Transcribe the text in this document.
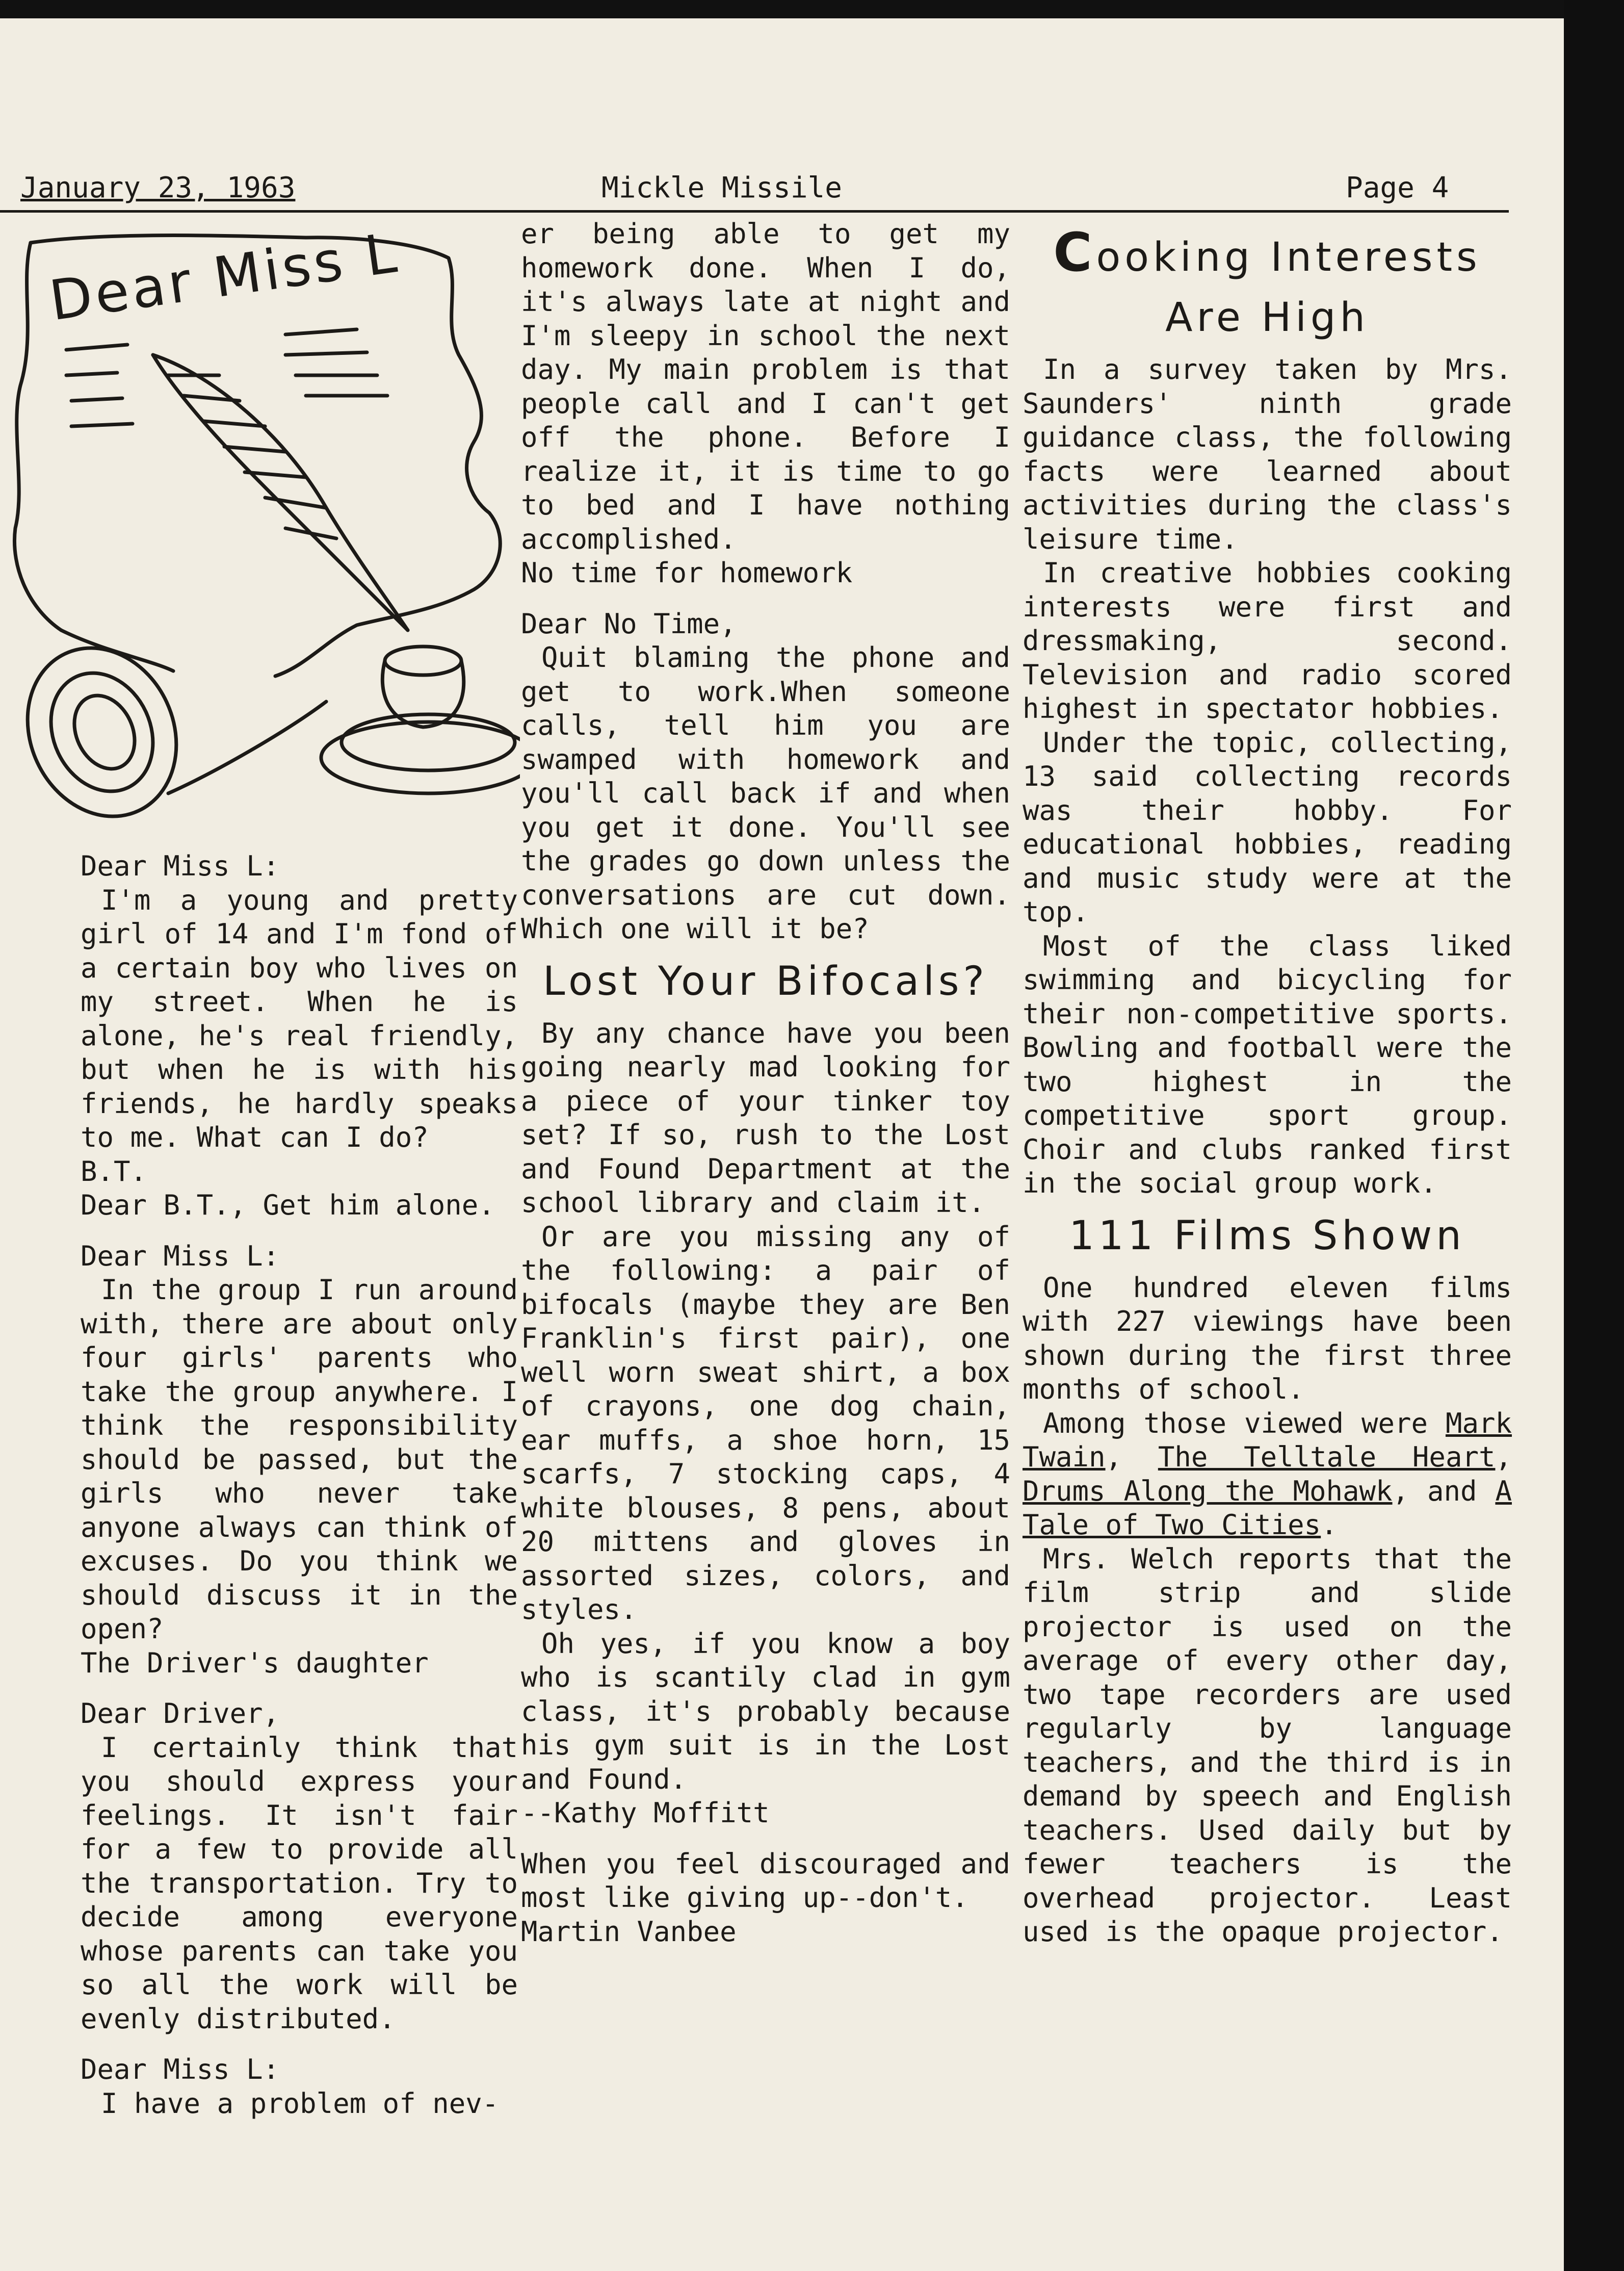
January 23, 1963	Mickle Missile	Page 4
Dear Miss L

Dear Miss L:

I'm a young and pretty girl of 14 and I'm fond of a certain boy who lives on my street. When he is alone, he's real friendly, but when he is with his friends, he hardly speaks to me. What can I do?

B.T.

Dear B.T., Get him alone.

Dear Miss L:

In the group I run around with, there are about only four girls' parents who take the group anywhere. I think the responsibility should be passed, but the girls who never take anyone always can think of excuses. Do you think we should discuss it in the open?

The Driver's daughter

Dear Driver,

I certainly think that you should express your feelings. It isn't fair for a few to provide all the transportation. Try to decide among everyone whose parents can take you so all the work will be evenly distributed.

Dear Miss L:

I have a problem of nev-

er being able to get my homework done. When I do, it's always late at night and I'm sleepy in school the next day. My main problem is that people call and I can't get off the phone. Before I realize it, it is time to go to bed and I have nothing accomplished.

No time for homework

Dear No Time,

Quit blaming the phone and get to work.When someone calls, tell him you are swamped with homework and you'll call back if and when you get it done. You'll see the grades go down unless the conversations are cut down. Which one will it be?

Lost Your Bifocals?

By any chance have you been going nearly mad looking for a piece of your tinker toy set? If so, rush to the Lost and Found Department at the school library and claim it.

Or are you missing any of the following: a pair of bifocals (maybe they are Ben Franklin's first pair), one well worn sweat shirt, a box of crayons, one dog chain, ear muffs, a shoe horn, 15 scarfs, 7 stocking caps, 4 white blouses, 8 pens, about 20 mittens and gloves in assorted sizes, colors, and styles.

Oh yes, if you know a boy who is scantily clad in gym class, it's probably because his gym suit is in the Lost and Found.

--Kathy Moffitt

When you feel discouraged and most like giving up--don't.

Martin Vanbee

Cooking Interests Are High

In a survey taken by Mrs. Saunders' ninth grade guidance class, the following facts were learned about activities during the class's leisure time.

In creative hobbies cooking interests were first and dressmaking, second. Television and radio scored highest in spectator hobbies.

Under the topic, collecting, 13 said collecting records was their hobby. For educational hobbies, reading and music study were at the top.

Most of the class liked swimming and bicycling for their non-competitive sports. Bowling and football were the two highest in the competitive sport group. Choir and clubs ranked first in the social group work.

111 Films Shown

One hundred eleven films with 227 viewings have been shown during the first three months of school.

Among those viewed were Mark Twain, The Telltale Heart, Drums Along the Mohawk, and A Tale of Two Cities.

Mrs. Welch reports that the film strip and slide projector is used on the average of every other day, two tape recorders are used regularly by language teachers, and the third is in demand by speech and English teachers. Used daily but by fewer teachers is the overhead projector. Least used is the opaque projector.
